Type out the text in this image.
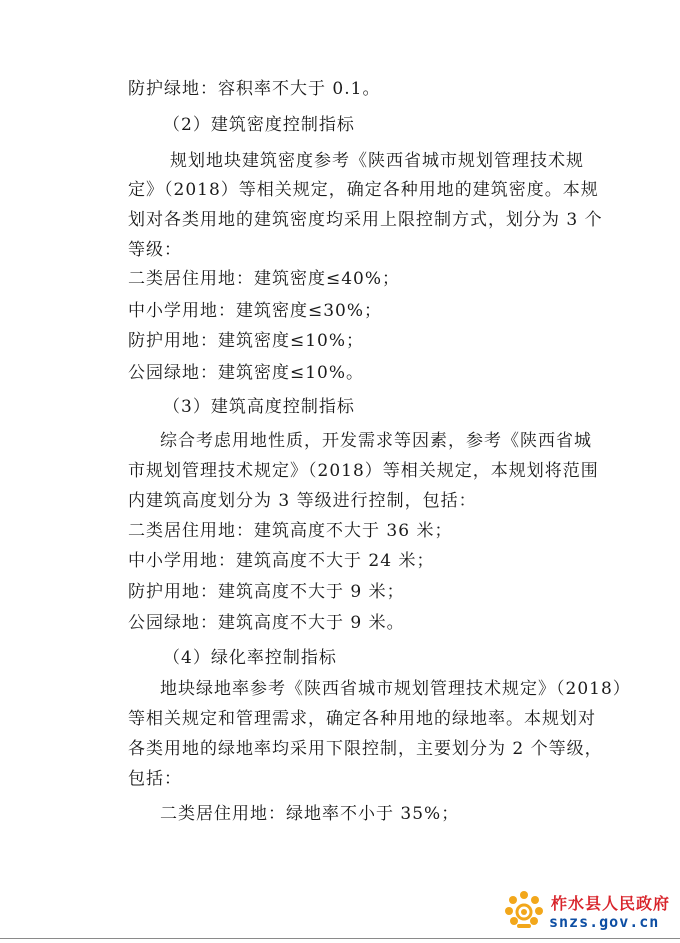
防护绿地：容积率不大于 0.1。
（2）建筑密度控制指标
规划地块建筑密度参考《陕西省城市规划管理技术规
定》（2018）等相关规定，确定各种用地的建筑密度。本规
划对各类用地的建筑密度均采用上限控制方式，划分为 3 个
等级：
二类居住用地：建筑密度≤40%；
中小学用地：建筑密度≤30%；
防护用地：建筑密度≤10%；
公园绿地：建筑密度≤10%。
（3）建筑高度控制指标
综合考虑用地性质，开发需求等因素，参考《陕西省城
市规划管理技术规定》（2018）等相关规定，本规划将范围
内建筑高度划分为 3 等级进行控制，包括：
二类居住用地：建筑高度不大于 36 米；
中小学用地：建筑高度不大于 24 米；
防护用地：建筑高度不大于 9 米；
公园绿地：建筑高度不大于 9 米。
（4）绿化率控制指标
地块绿地率参考《陕西省城市规划管理技术规定》（2018）
等相关规定和管理需求，确定各种用地的绿地率。本规划对
各类用地的绿地率均采用下限控制，主要划分为 2 个等级，
包括：
二类居住用地：绿地率不小于 35%；
柞水县人民政府
snzs.gov.cn
